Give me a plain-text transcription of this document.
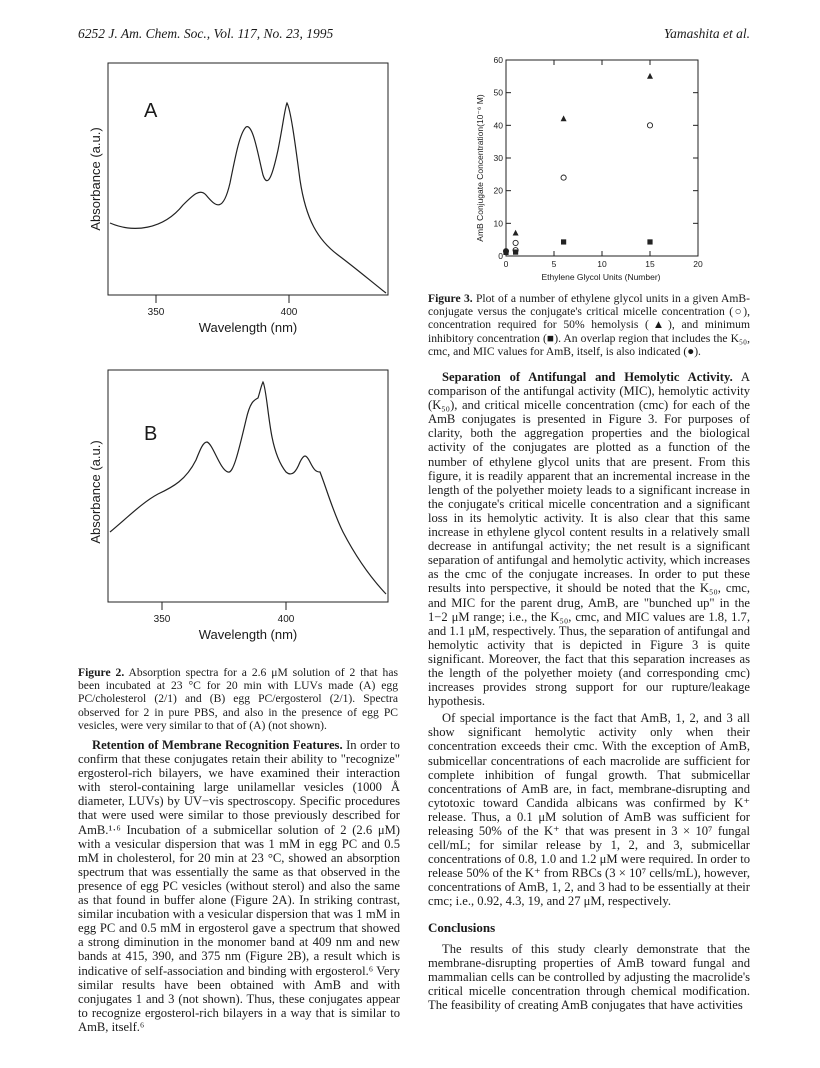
6252 J. Am. Chem. Soc., Vol. 117, No. 23, 1995	Yamashita et al.
A
Absorbance (a.u.)
350	400
Wavelength (nm)
B
Absorbance (a.u.)
350	400
Wavelength (nm)
Figure 2. Absorption spectra for a 2.6 μM solution of 2 that has been incubated at 23 °C for 20 min with LUVs made (A) egg PC/cholesterol (2/1) and (B) egg PC/ergosterol (2/1). Spectra observed for 2 in pure PBS, and also in the presence of egg PC vesicles, were very similar to that of (A) (not shown).

Retention of Membrane Recognition Features. In order to confirm that these conjugates retain their ability to "recognize" ergosterol-rich bilayers, we have examined their interaction with sterol-containing large unilamellar vesicles (1000 Å diameter, LUVs) by UV−vis spectroscopy. Specific procedures that were used were similar to those previously described for AmB.¹·⁶ Incubation of a submicellar solution of 2 (2.6 μM) with a vesicular dispersion that was 1 mM in egg PC and 0.5 mM in cholesterol, for 20 min at 23 °C, showed an absorption spectrum that was essentially the same as that observed in the presence of egg PC vesicles (without sterol) and also the same as that found in buffer alone (Figure 2A). In striking contrast, similar incubation with a vesicular dispersion that was 1 mM in egg PC and 0.5 mM in ergosterol gave a spectrum that showed a strong diminution in the monomer band at 409 nm and new bands at 415, 390, and 375 nm (Figure 2B), a result which is indicative of self-association and binding with ergosterol.⁶ Very similar results have been obtained with AmB and with conjugates 1 and 3 (not shown). Thus, these conjugates appear to recognize ergosterol-rich bilayers in a way that is similar to AmB, itself.⁶

AmB Conjugate Concentration(10⁻⁶ M)
Ethylene Glycol Units (Number)
0	5	10	15	20
0
10
20
30
40
50
60
Figure 3. Plot of a number of ethylene glycol units in a given AmB-conjugate versus the conjugate's critical micelle concentration (○), concentration required for 50% hemolysis (▲), and minimum inhibitory concentration (■). An overlap region that includes the K₅₀, cmc, and MIC values for AmB, itself, is also indicated (●).

Separation of Antifungal and Hemolytic Activity. A comparison of the antifungal activity (MIC), hemolytic activity (K₅₀), and critical micelle concentration (cmc) for each of the AmB conjugates is presented in Figure 3. For purposes of clarity, both the aggregation properties and the biological activity of the conjugates are plotted as a function of the number of ethylene glycol units that are present. From this figure, it is readily apparent that an incremental increase in the length of the polyether moiety leads to a significant increase in the conjugate's critical micelle concentration and a significant loss in its hemolytic activity. It is also clear that this same increase in ethylene glycol content results in a relatively small decrease in antifungal activity; the net result is a significant separation of antifungal and hemolytic activity, which increases as the cmc of the conjugate increases. In order to put these results into perspective, it should be noted that the K₅₀, cmc, and MIC for the parent drug, AmB, are "bunched up" in the 1−2 μM range; i.e., the K₅₀, cmc, and MIC values are 1.8, 1.7, and 1.1 μM, respectively. Thus, the separation of antifungal and hemolytic activity that is depicted in Figure 3 is quite significant. Moreover, the fact that this separation increases as the length of the polyether moiety (and corresponding cmc) increases provides strong support for our rupture/leakage hypothesis.

Of special importance is the fact that AmB, 1, 2, and 3 all show significant hemolytic activity only when their concentration exceeds their cmc. With the exception of AmB, submicellar concentrations of each macrolide are sufficient for complete inhibition of fungal growth. That submicellar concentrations of AmB are, in fact, membrane-disrupting and cytotoxic toward Candida albicans was confirmed by K⁺ release. Thus, a 0.1 μM solution of AmB was sufficient for releasing 50% of the K⁺ that was present in 3 × 10⁷ fungal cell/mL; for similar release by 1, 2, and 3, submicellar concentrations of 0.8, 1.0 and 1.2 μM were required. In order to release 50% of the K⁺ from RBCs (3 × 10⁷ cells/mL), however, concentrations of AmB, 1, 2, and 3 had to be essentially at their cmc; i.e., 0.92, 4.3, 19, and 27 μM, respectively.

Conclusions

The results of this study clearly demonstrate that the membrane-disrupting properties of AmB toward fungal and mammalian cells can be controlled by adjusting the macrolide's critical micelle concentration through chemical modification. The feasibility of creating AmB conjugates that have activities
